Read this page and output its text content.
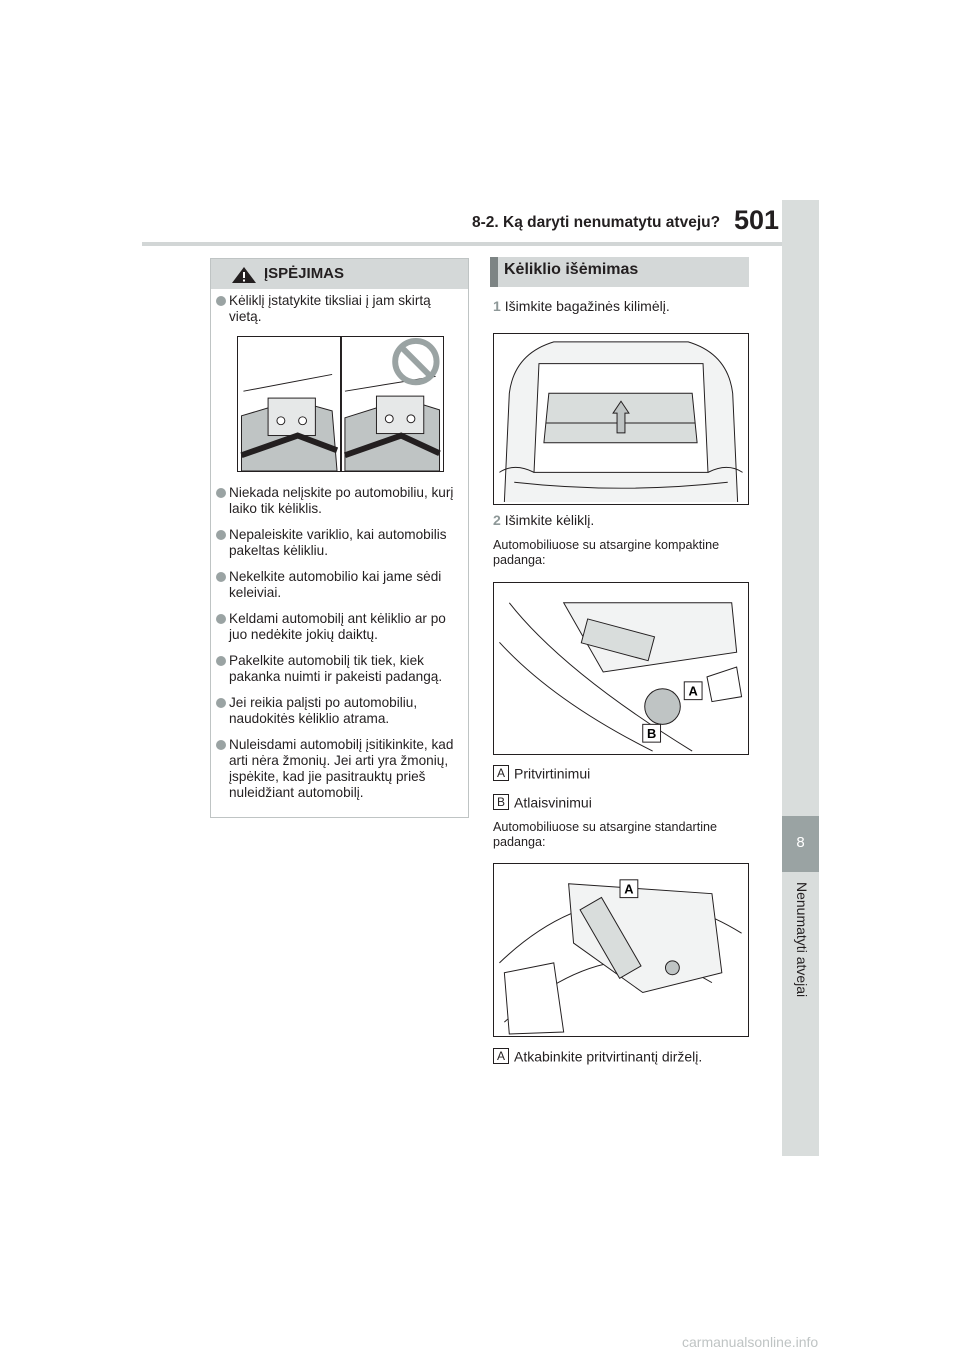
8-2. Ką daryti nenumatytu atveju? 501
8
Nenumatyti atvejai
ĮSPĖJIMAS
Kėliklį įstatykite tiksliai į jam skirtą vietą.
Niekada nelįskite po automobiliu, kurį laiko tik kėliklis.
Nepaleiskite variklio, kai automobilis pakeltas kėlikliu.
Nekelkite automobilio kai jame sėdi keleiviai.
Keldami automobilį ant kėliklio ar po juo nedėkite jokių daiktų.
Pakelkite automobilį tik tiek, kiek pakanka nuimti ir pakeisti padangą.
Jei reikia palįsti po automobiliu, naudokitės kėliklio atrama.
Nuleisdami automobilį įsitikinkite, kad arti nėra žmonių. Jei arti yra žmonių, įspėkite, kad jie pasitrauktų prieš nuleidžiant automobilį.
Kėliklio išėmimas
1 Išimkite bagažinės kilimėlį.
2 Išimkite kėliklį.
Automobiliuose su atsargine kompaktine padanga:
A
B
A Pritvirtinimui
B Atlaisvinimui
Automobiliuose su atsargine standartine padanga:
A
A Atkabinkite pritvirtinantį dirželį.
carmanualsonline.info
